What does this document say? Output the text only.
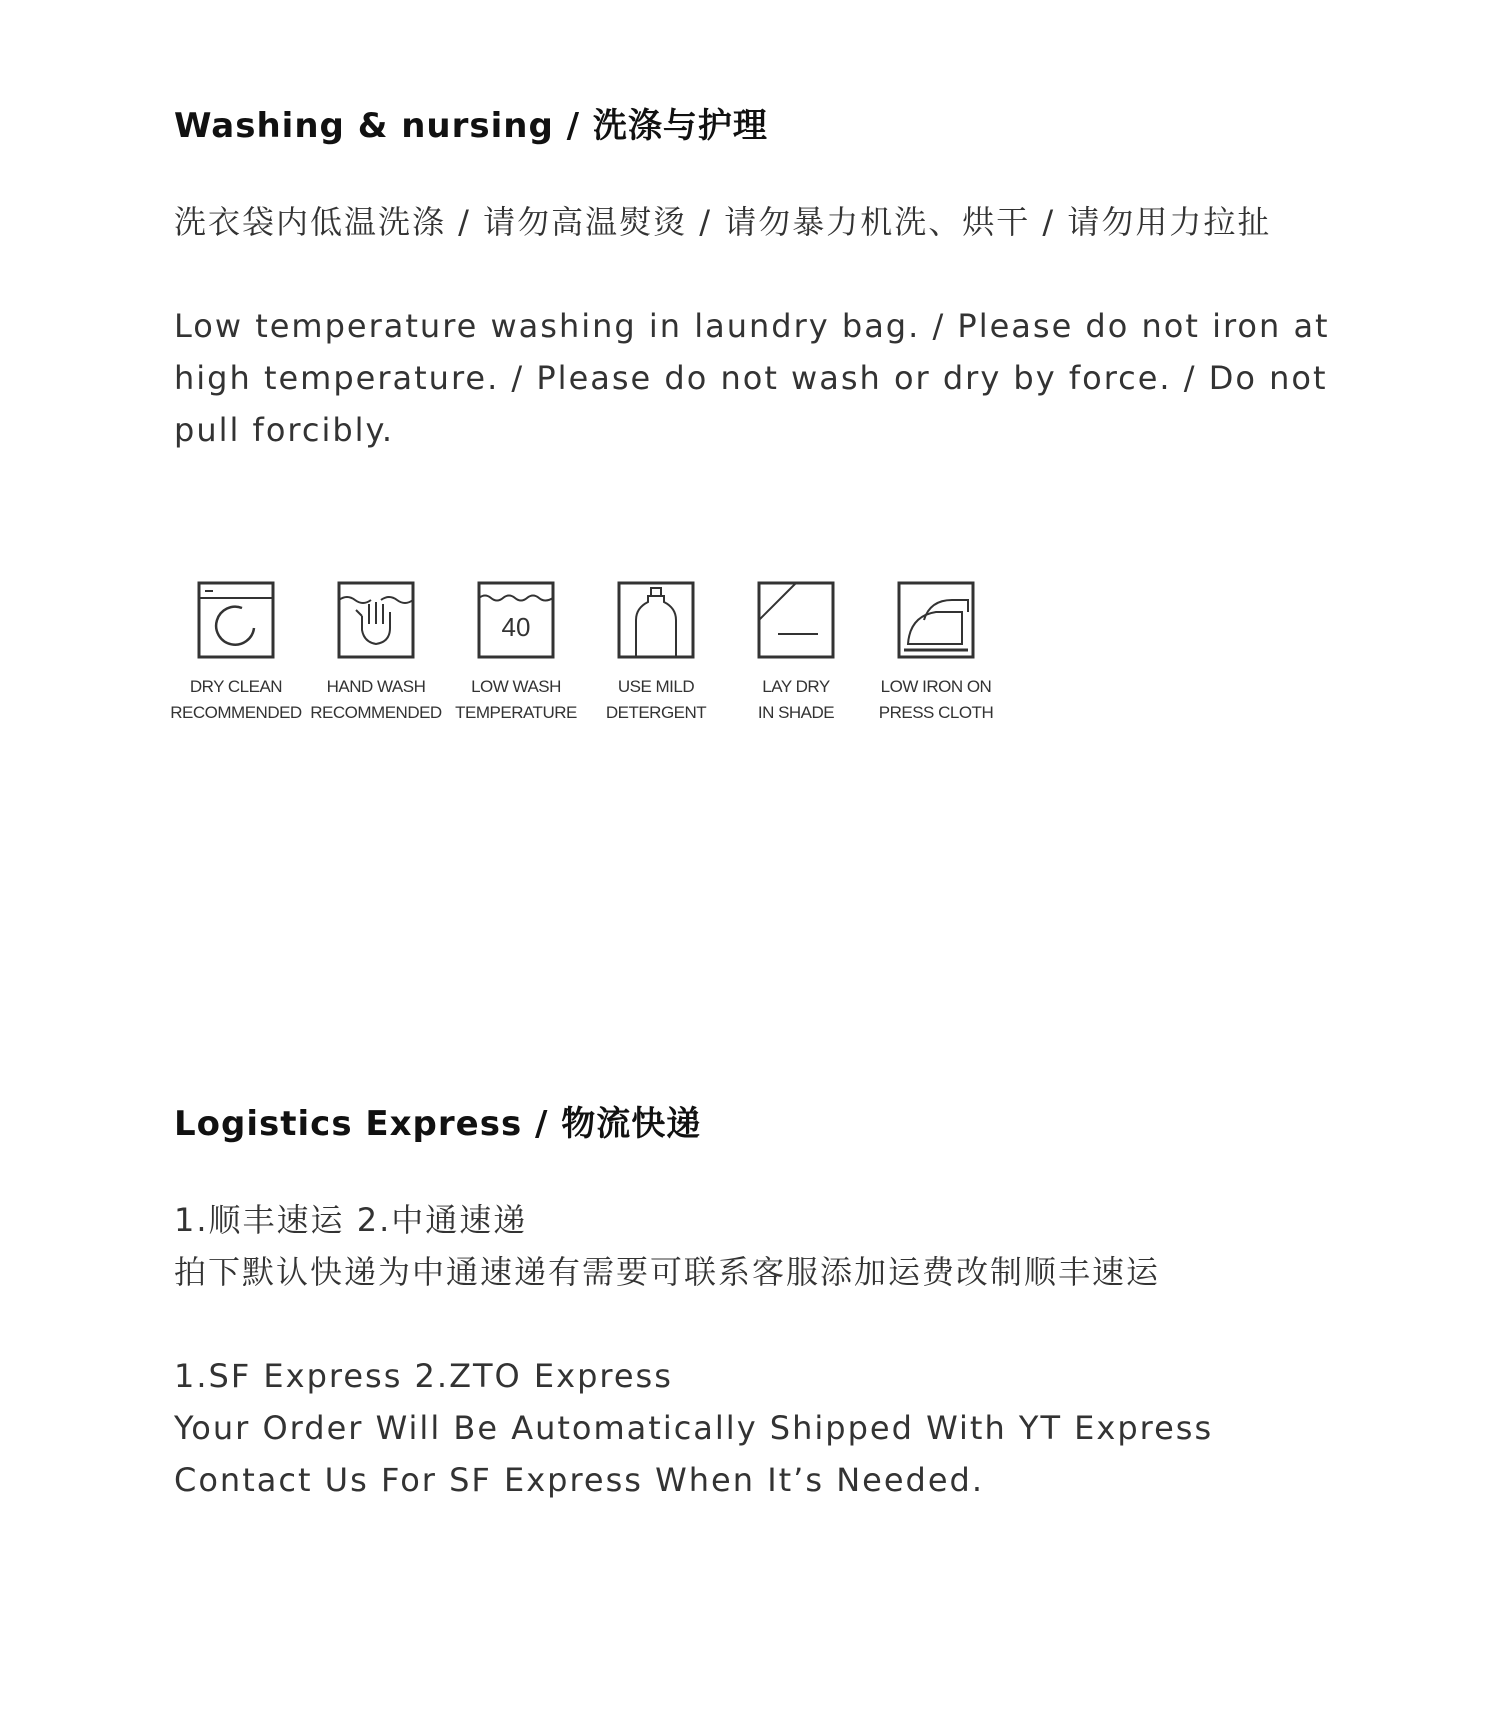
Washing & nursing / 洗涤与护理
洗衣袋内低温洗涤 / 请勿高温熨烫 / 请勿暴力机洗、烘干 / 请勿用力拉扯
Low temperature washing in laundry bag. / Please do not iron at high temperature. / Please do not wash or dry by force. / Do not pull forcibly.
DRY CLEAN
RECOMMENDED
HAND WASH
RECOMMENDED
40
LOW WASH
TEMPERATURE
USE MILD
DETERGENT
LAY DRY
IN SHADE
LOW IRON ON
PRESS CLOTH
Logistics Express / 物流快递
1.顺丰速运 2.中通速递
拍下默认快递为中通速递有需要可联系客服添加运费改制顺丰速运
1.SF Express 2.ZTO Express
Your Order Will Be Automatically Shipped With YT Express
Contact Us For SF Express When It’s Needed.
